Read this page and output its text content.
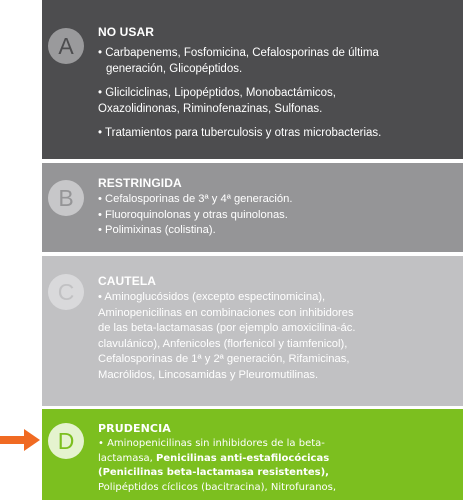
A

NO USAR

• Carbapenems, Fosfomicina, Cefalosporinas de última

generación, Glicopéptidos.

• Glicilciclinas, Lipopéptidos, Monobactámicos,

Oxazolidinonas, Riminofenazinas, Sulfonas.

• Tratamientos para tuberculosis y otras microbacterias.

B

RESTRINGIDA

• Cefalosporinas de 3ª y 4ª generación.

• Fluoroquinolonas y otras quinolonas.

• Polimixinas (colistina).

C CAUTELA

• Aminoglucósidos (excepto espectinomicina),

Aminopenicilinas en combinaciones con inhibidores

de las beta-lactamasas (por ejemplo amoxicilina-ác.

clavulánico), Anfenicoles (florfenicol y tiamfenicol),

Cefalosporinas de 1ª y 2ª generación, Rifamicinas,

Macrólidos, Lincosamidas y Pleuromutilinas.

D PRUDENCIA

• Aminopenicilinas sin inhibidores de la beta-

lactamasa, Penicilinas anti-estafilocócicas

(Penicilinas beta-lactamasa resistentes),

Polipéptidos cíclicos (bacitracina), Nitrofuranos,
